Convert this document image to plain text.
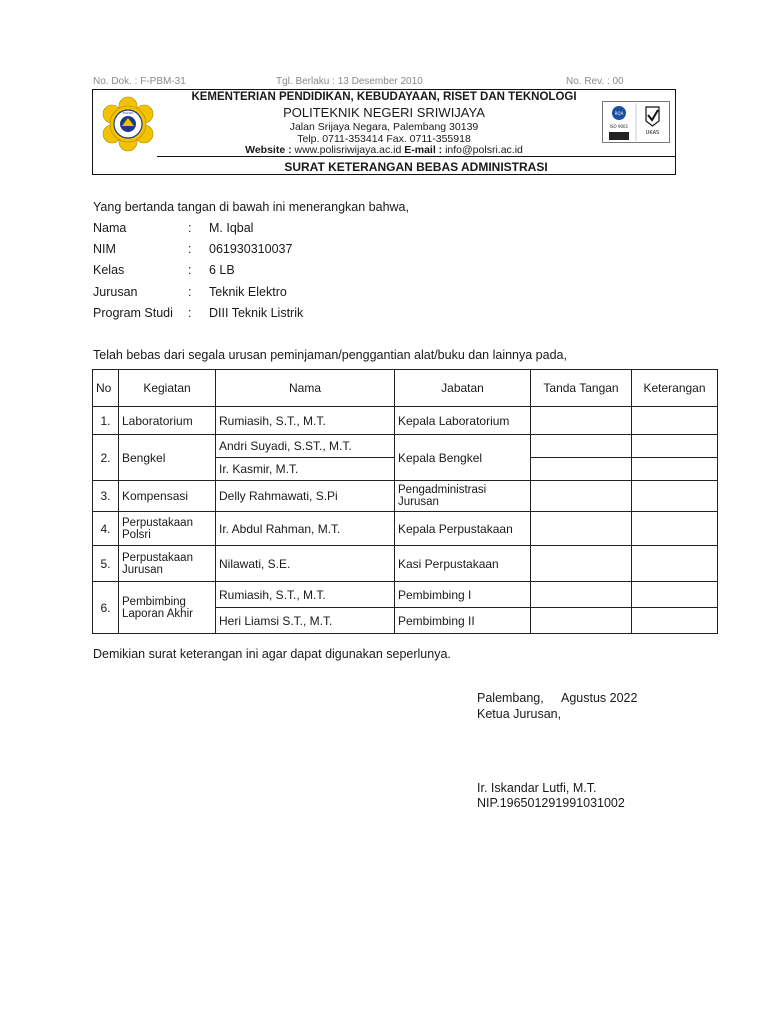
No. Dok. : F-PBM-31	Tgl. Berlaku : 13 Desember 2010	No. Rev. : 00
POLSRI
KEMENTERIAN PENDIDIKAN, KEBUDAYAAN, RISET DAN TEKNOLOGI
POLITEKNIK NEGERI SRIWIJAYA
Jalan Srijaya Negara, Palembang 30139
Telp. 0711-353414 Fax. 0711-355918
Website : www.polisriwijaya.ac.id E-mail : info@polsri.ac.id
RQA
ISO 9001
UKAS
SURAT KETERANGAN BEBAS ADMINISTRASI
Yang bertanda tangan di bawah ini menerangkan bahwa,
Nama	: M. Iqbal
NIM	: 061930310037
Kelas	: 6 LB
Jurusan	: Teknik Elektro
Program Studi	: DIII Teknik Listrik
Telah bebas dari segala urusan peminjaman/penggantian alat/buku dan lainnya pada,
No	Kegiatan	Nama	Jabatan	Tanda Tangan	Keterangan
1.	Laboratorium	Rumiasih, S.T., M.T.	Kepala Laboratorium		
2.	Bengkel	Andri Suyadi, S.ST., M.T.	Kepala Bengkel		
		Ir. Kasmir, M.T.			
3.	Kompensasi	Delly Rahmawati, S.Pi	Pengadministrasi Jurusan		
4.	Perpustakaan Polsri	Ir. Abdul Rahman, M.T.	Kepala Perpustakaan		
5.	Perpustakaan Jurusan	Nilawati, S.E.	Kasi Perpustakaan		
6.	Pembimbing Laporan Akhir	Rumiasih, S.T., M.T.	Pembimbing I		
		Heri Liamsi S.T., M.T.	Pembimbing II		
Demikian surat keterangan ini agar dapat digunakan seperlunya.
Palembang, Agustus 2022
Ketua Jurusan,
Ir. Iskandar Lutfi, M.T.
NIP.196501291991031002
